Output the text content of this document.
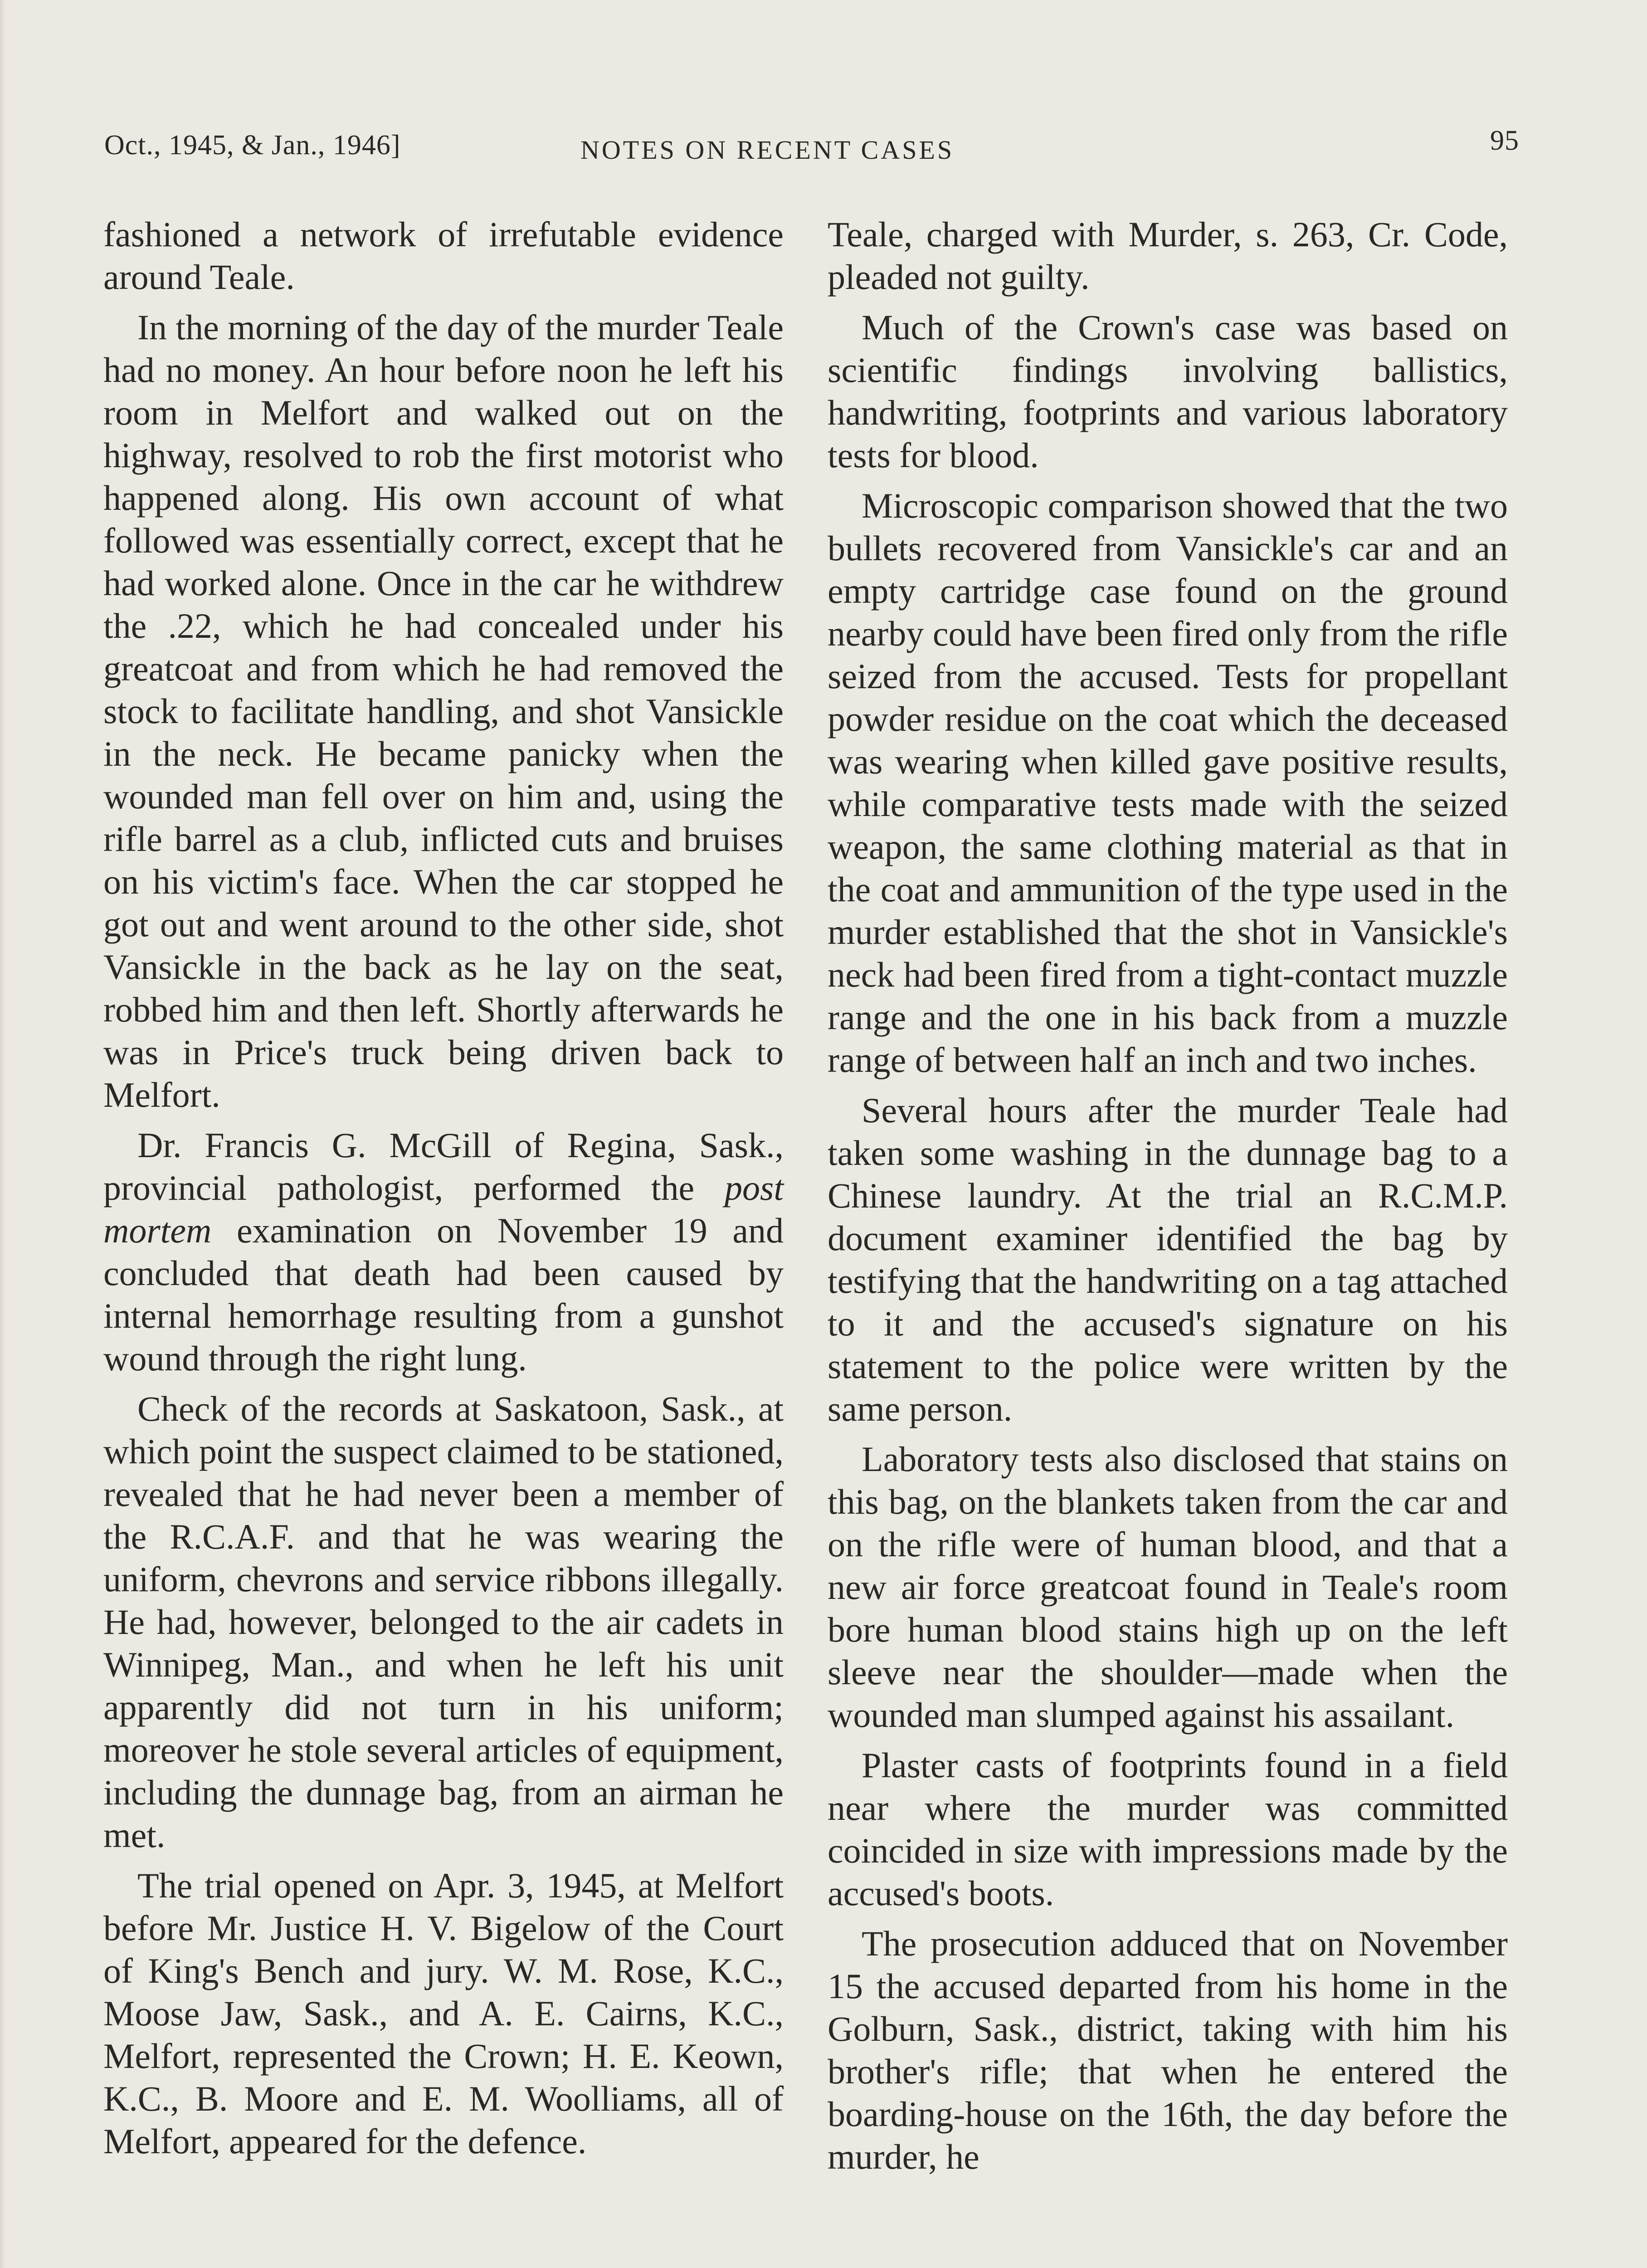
Oct., 1945, & Jan., 1946]	NOTES ON RECENT CASES	95

fashioned a network of irrefutable evidence around Teale.

In the morning of the day of the murder Teale had no money. An hour before noon he left his room in Melfort and walked out on the highway, resolved to rob the first motorist who happened along. His own account of what followed was essentially correct, except that he had worked alone. Once in the car he withdrew the .22, which he had concealed under his greatcoat and from which he had removed the stock to facilitate handling, and shot Vansickle in the neck. He became panicky when the wounded man fell over on him and, using the rifle barrel as a club, inflicted cuts and bruises on his victim's face. When the car stopped he got out and went around to the other side, shot Vansickle in the back as he lay on the seat, robbed him and then left. Shortly afterwards he was in Price's truck being driven back to Melfort.

Dr. Francis G. McGill of Regina, Sask., provincial pathologist, performed the post mortem examination on November 19 and concluded that death had been caused by internal hemorrhage resulting from a gunshot wound through the right lung.

Check of the records at Saskatoon, Sask., at which point the suspect claimed to be stationed, revealed that he had never been a member of the R.C.A.F. and that he was wearing the uniform, chevrons and service ribbons illegally. He had, however, belonged to the air cadets in Winnipeg, Man., and when he left his unit apparently did not turn in his uniform; moreover he stole several articles of equipment, including the dunnage bag, from an airman he met.

The trial opened on Apr. 3, 1945, at Melfort before Mr. Justice H. V. Bigelow of the Court of King's Bench and jury. W. M. Rose, K.C., Moose Jaw, Sask., and A. E. Cairns, K.C., Melfort, represented the Crown; H. E. Keown, K.C., B. Moore and E. M. Woolliams, all of Melfort, appeared for the defence.

Teale, charged with Murder, s. 263, Cr. Code, pleaded not guilty.

Much of the Crown's case was based on scientific findings involving ballistics, handwriting, footprints and various laboratory tests for blood.

Microscopic comparison showed that the two bullets recovered from Vansickle's car and an empty cartridge case found on the ground nearby could have been fired only from the rifle seized from the accused. Tests for propellant powder residue on the coat which the deceased was wearing when killed gave positive results, while comparative tests made with the seized weapon, the same clothing material as that in the coat and ammunition of the type used in the murder established that the shot in Vansickle's neck had been fired from a tight-contact muzzle range and the one in his back from a muzzle range of between half an inch and two inches.

Several hours after the murder Teale had taken some washing in the dunnage bag to a Chinese laundry. At the trial an R.C.M.P. document examiner identified the bag by testifying that the handwriting on a tag attached to it and the accused's signature on his statement to the police were written by the same person.

Laboratory tests also disclosed that stains on this bag, on the blankets taken from the car and on the rifle were of human blood, and that a new air force greatcoat found in Teale's room bore human blood stains high up on the left sleeve near the shoulder—made when the wounded man slumped against his assailant.

Plaster casts of footprints found in a field near where the murder was committed coincided in size with impressions made by the accused's boots.

The prosecution adduced that on November 15 the accused departed from his home in the Golburn, Sask., district, taking with him his brother's rifle; that when he entered the boarding-house on the 16th, the day before the murder, he
